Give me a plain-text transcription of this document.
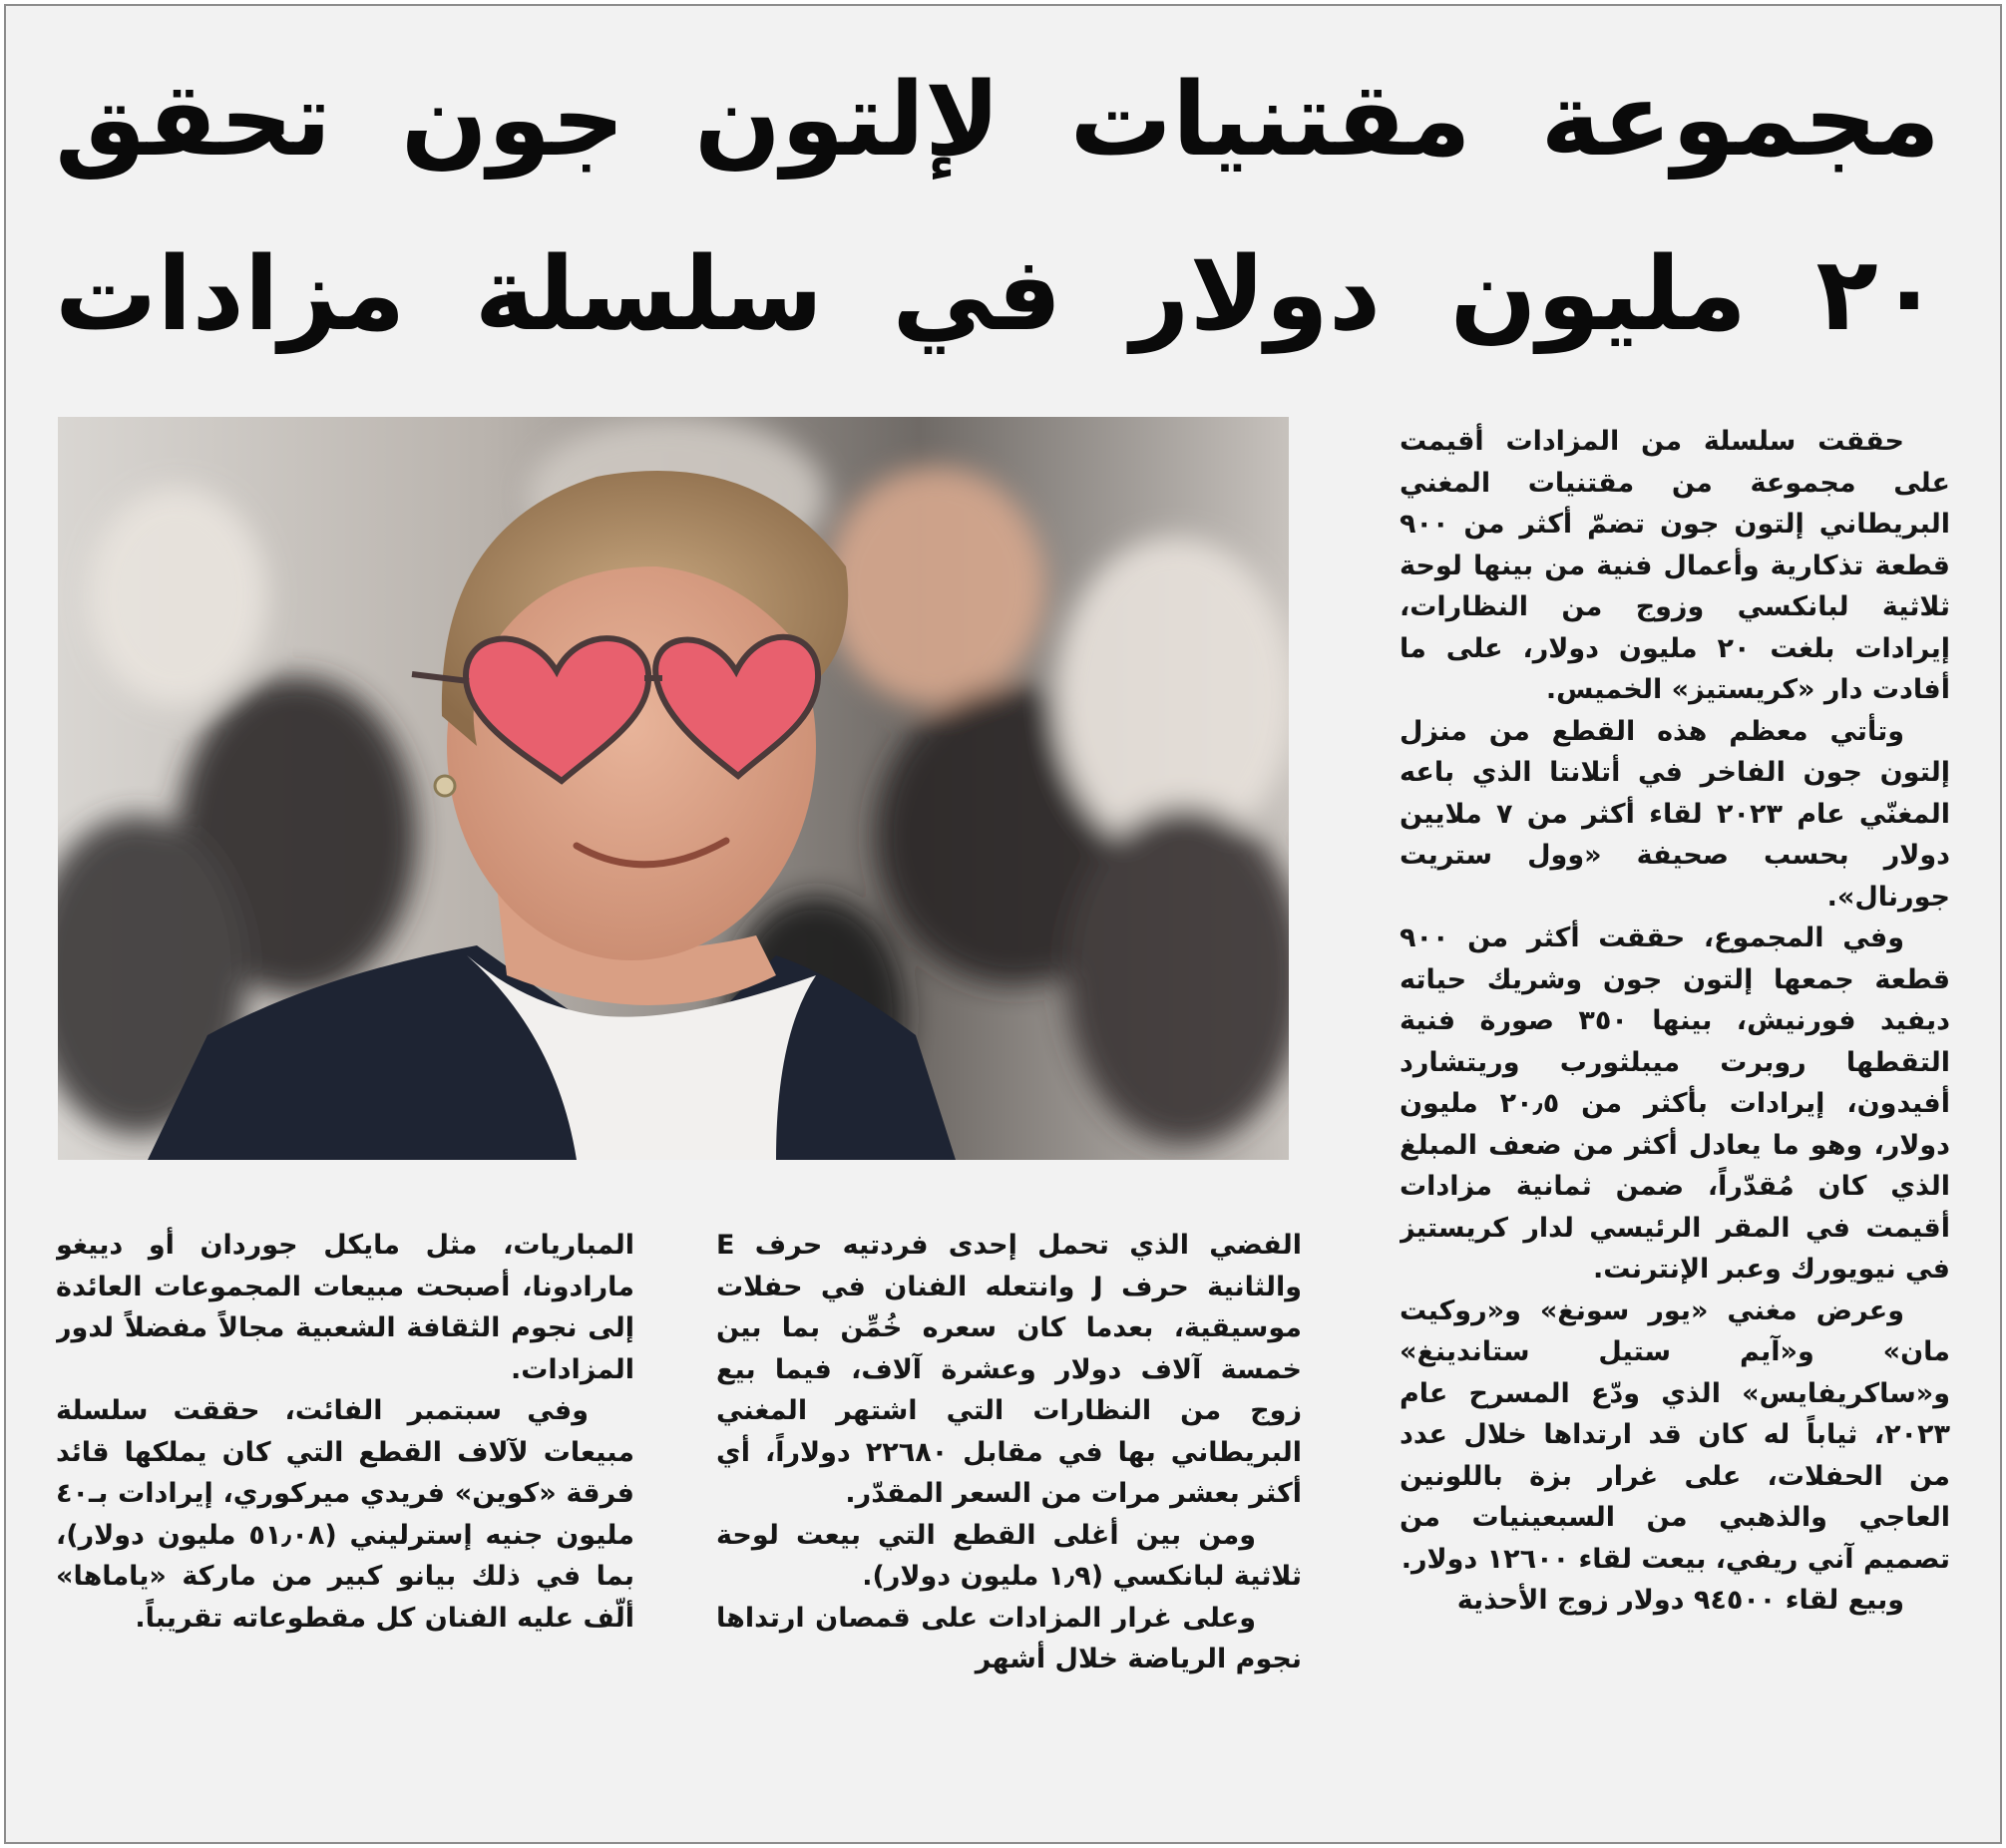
مجموعة مقتنيات لإلتون جون تحقق
٢٠ مليون دولار في سلسلة مزادات

حققت سلسلة من المزادات أقيمت على مجموعة من مقتنيات المغني البريطاني إلتون جون تضمّ أكثر من ٩٠٠ قطعة تذكارية وأعمال فنية من بينها لوحة ثلاثية لبانكسي وزوج من النظارات، إيرادات بلغت ٢٠ مليون دولار، على ما أفادت دار «كريستيز» الخميس.

وتأتي معظم هذه القطع من منزل إلتون جون الفاخر في أتلانتا الذي باعه المغنّي عام ٢٠٢٣ لقاء أكثر من ٧ ملايين دولار بحسب صحيفة «وول ستريت جورنال».

وفي المجموع، حققت أكثر من ٩٠٠ قطعة جمعها إلتون جون وشريك حياته ديفيد فورنيش، بينها ٣٥٠ صورة فنية التقطها روبرت ميبلثورب وريتشارد أفيدون، إيرادات بأكثر من ٢٠٫٥ مليون دولار، وهو ما يعادل أكثر من ضعف المبلغ الذي كان مُقدّراً، ضمن ثمانية مزادات أقيمت في المقر الرئيسي لدار كريستيز في نيويورك وعبر الإنترنت.

وعرض مغني «يور سونغ» و«روكيت مان» و«آيم ستيل ستاندينغ» و«ساكريفايس» الذي ودّع المسرح عام ٢٠٢٣، ثياباً له كان قد ارتداها خلال عدد من الحفلات، على غرار بزة باللونين العاجي والذهبي من السبعينيات من تصميم آني ريفي، بيعت لقاء ١٢٦٠٠ دولار.

وبيع لقاء ٩٤٥٠٠ دولار زوج الأحذية

الفضي الذي تحمل إحدى فردتيه حرف E والثانية حرف J وانتعله الفنان في حفلات موسيقية، بعدما كان سعره خُمِّن بما بين خمسة آلاف دولار وعشرة آلاف، فيما بيع زوج من النظارات التي اشتهر المغني البريطاني بها في مقابل ٢٢٦٨٠ دولاراً، أي أكثر بعشر مرات من السعر المقدّر.

ومن بين أغلى القطع التي بيعت لوحة ثلاثية لبانكسي (١٫٩ مليون دولار).

وعلى غرار المزادات على قمصان ارتداها نجوم الرياضة خلال أشهر

المباريات، مثل مايكل جوردان أو دييغو مارادونا، أصبحت مبيعات المجموعات العائدة إلى نجوم الثقافة الشعبية مجالاً مفضلاً لدور المزادات.

وفي سبتمبر الفائت، حققت سلسلة مبيعات لآلاف القطع التي كان يملكها قائد فرقة «كوين» فريدي ميركوري، إيرادات بـ٤٠ مليون جنيه إسترليني (٥١٫٠٨ مليون دولار)، بما في ذلك بيانو كبير من ماركة «ياماها» ألّف عليه الفنان كل مقطوعاته تقريباً.
